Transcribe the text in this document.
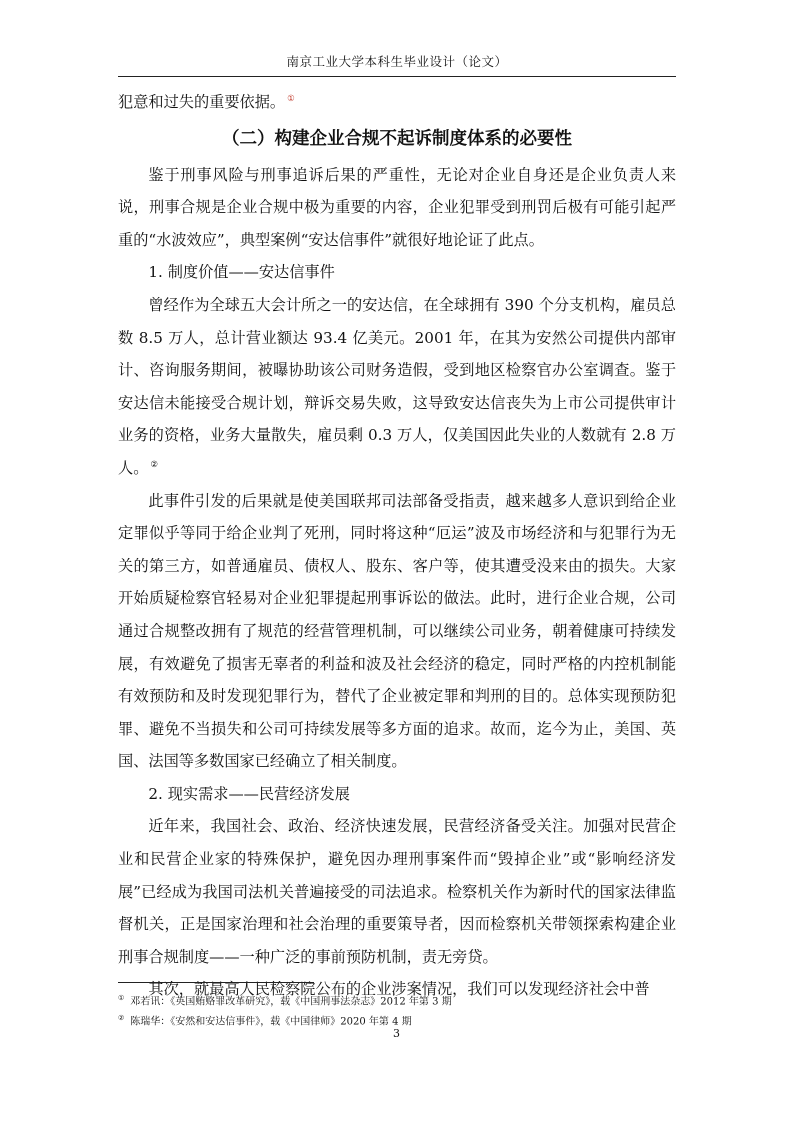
南京工业大学本科生毕业设计（论文）

犯意和过失的重要依据。 ①

（二）构建企业合规不起诉制度体系的必要性

鉴于刑事风险与刑事追诉后果的严重性，无论对企业自身还是企业负责人来说，刑事合规是企业合规中极为重要的内容，企业犯罪受到刑罚后极有可能引起严重的“水波效应”，典型案例“安达信事件”就很好地论证了此点。

1. 制度价值——安达信事件

曾经作为全球五大会计所之一的安达信，在全球拥有 390 个分支机构，雇员总数 8.5 万人，总计营业额达 93.4 亿美元。2001 年，在其为安然公司提供内部审计、咨询服务期间，被曝协助该公司财务造假，受到地区检察官办公室调查。鉴于安达信未能接受合规计划，辩诉交易失败，这导致安达信丧失为上市公司提供审计业务的资格，业务大量散失，雇员剩 0.3 万人，仅美国因此失业的人数就有 2.8 万人。 ②

此事件引发的后果就是使美国联邦司法部备受指责，越来越多人意识到给企业定罪似乎等同于给企业判了死刑，同时将这种“厄运”波及市场经济和与犯罪行为无关的第三方，如普通雇员、债权人、股东、客户等，使其遭受没来由的损失。大家开始质疑检察官轻易对企业犯罪提起刑事诉讼的做法。此时，进行企业合规，公司通过合规整改拥有了规范的经营管理机制，可以继续公司业务，朝着健康可持续发展，有效避免了损害无辜者的利益和波及社会经济的稳定，同时严格的内控机制能有效预防和及时发现犯罪行为，替代了企业被定罪和判刑的目的。总体实现预防犯罪、避免不当损失和公司可持续发展等多方面的追求。故而，迄今为止，美国、英国、法国等多数国家已经确立了相关制度。

2. 现实需求——民营经济发展

近年来，我国社会、政治、经济快速发展，民营经济备受关注。加强对民营企业和民营企业家的特殊保护，避免因办理刑事案件而“毁掉企业”或“影响经济发展”已经成为我国司法机关普遍接受的司法追求。检察机关作为新时代的国家法律监督机关，正是国家治理和社会治理的重要策导者，因而检察机关带领探索构建企业刑事合规制度——一种广泛的事前预防机制，责无旁贷。

其次，就最高人民检察院公布的企业涉案情况，我们可以发现经济社会中普

① 邓若讯：《英国贿赂罪改革研究》，载《中国刑事法杂志》2012 年第 3 期

② 陈瑞华：《安然和安达信事件》，载《中国律师》2020 年第 4 期

3
